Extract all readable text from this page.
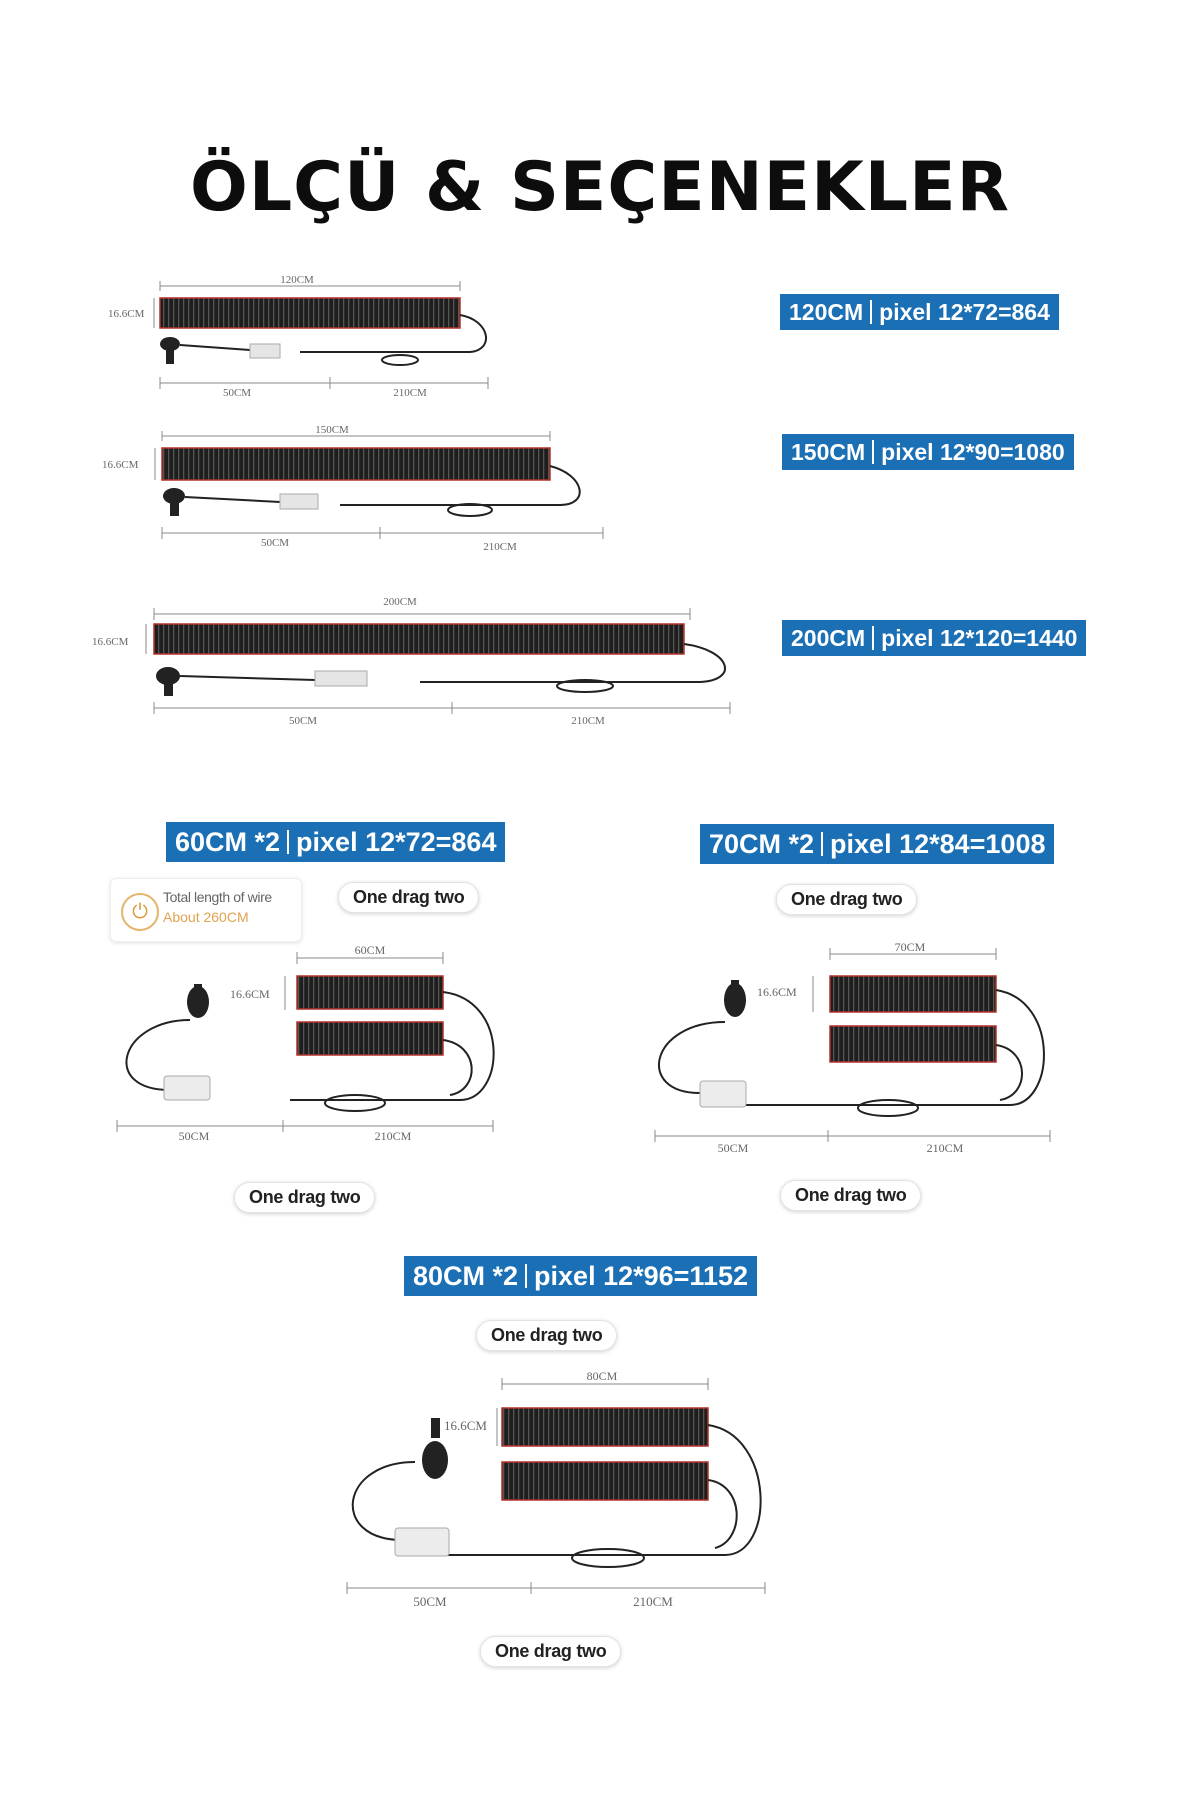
ÖLÇÜ & SEÇENEKLER
120CM
16.6CM
50CM	210CM
150CM
16.6CM
50CM	210CM
200CM
16.6CM
50CM	210CM
60CM
16.6CM
50CM	210CM
70CM
16.6CM
50CM	210CM
80CM
16.6CM
50CM	210CM
120CM pixel 12*72=864
150CM pixel 12*90=1080
200CM pixel 12*120=1440
60CM *2 pixel 12*72=864	70CM *2 pixel 12*84=1008
80CM *2 pixel 12*96=1152
⏻
Total length of wire
About 260CM
One drag two	One drag two
One drag two	One drag two
One drag two
One drag two
